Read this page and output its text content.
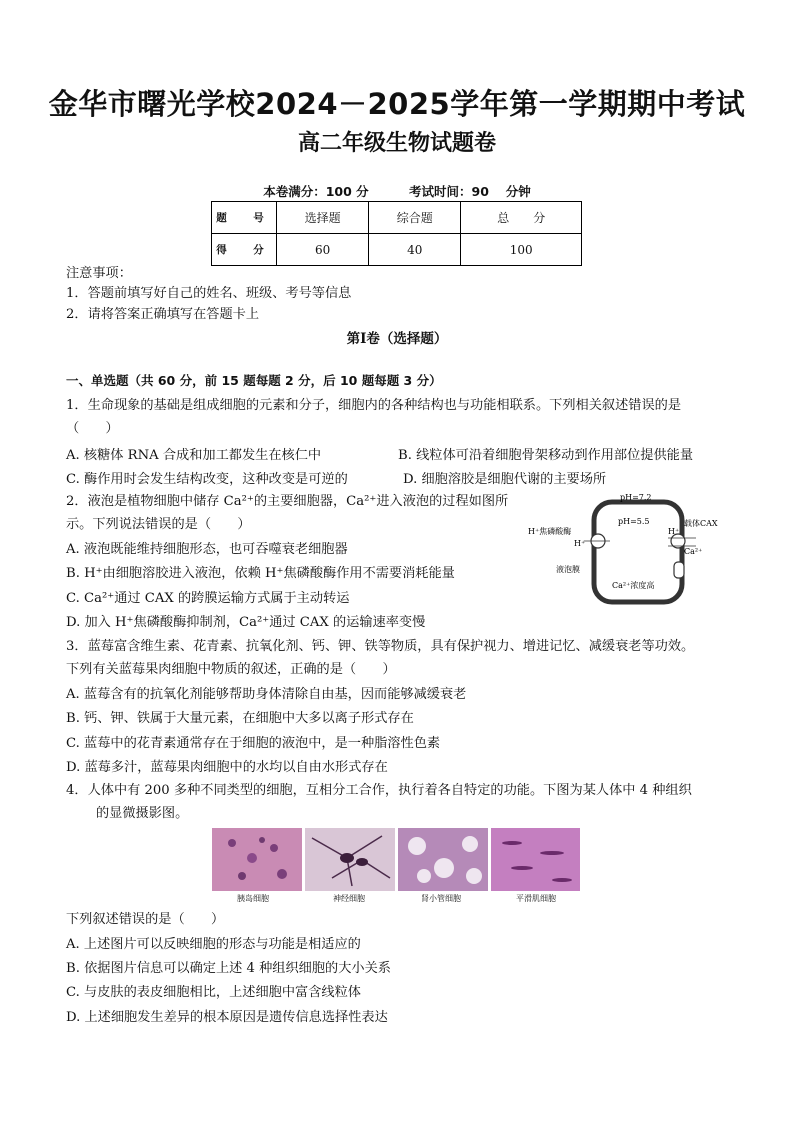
金华市曙光学校2024－2025学年第一学期期中考试
高二年级生物试题卷
本卷满分：100 分	考试时间：90　 分钟
题　号	选择题	综合题	总　　分
得　分	60	40	100
注意事项：
1．答题前填写好自己的姓名、班级、考号等信息
2．请将答案正确填写在答题卡上
第Ⅰ卷（选择题）
一、单选题（共 60 分，前 15 题每题 2 分，后 10 题每题 3 分）
1．生命现象的基础是组成细胞的元素和分子，细胞内的各种结构也与功能相联系。下列相关叙述错误的是
（　　）
A. 核糖体 RNA 合成和加工都发生在核仁中	B. 线粒体可沿着细胞骨架移动到作用部位提供能量
C. 酶作用时会发生结构改变，这种改变是可逆的	D. 细胞溶胶是细胞代谢的主要场所
2．液泡是植物细胞中储存 Ca²⁺的主要细胞器，Ca²⁺进入液泡的过程如图所
示。下列说法错误的是（　　）
A. 液泡既能维持细胞形态，也可吞噬衰老细胞器
B. H⁺由细胞溶胶进入液泡，依赖 H⁺焦磷酸酶作用不需要消耗能量
C. Ca²⁺通过 CAX 的跨膜运输方式属于主动转运
D. 加入 H⁺焦磷酸酶抑制剂，Ca²⁺通过 CAX 的运输速率变慢
pH=7.2
pH=5.5
H⁺焦磷酸酶
载体CAX
H⁺
H⁺
Ca²⁺
液泡膜
Ca²⁺浓度高
3．蓝莓富含维生素、花青素、抗氧化剂、钙、钾、铁等物质，具有保护视力、增进记忆、减缓衰老等功效。
下列有关蓝莓果肉细胞中物质的叙述，正确的是（　　）
A. 蓝莓含有的抗氧化剂能够帮助身体清除自由基，因而能够减缓衰老
B. 钙、钾、铁属于大量元素，在细胞中大多以离子形式存在
C. 蓝莓中的花青素通常存在于细胞的液泡中，是一种脂溶性色素
D. 蓝莓多汁，蓝莓果肉细胞中的水均以自由水形式存在
4．人体中有 200 多种不同类型的细胞，互相分工合作，执行着各自特定的功能。下图为某人体中 4 种组织
的显微摄影图。
胰岛细胞	神经细胞	肾小管细胞	平滑肌细胞
下列叙述错误的是（　　）
A. 上述图片可以反映细胞的形态与功能是相适应的
B. 依据图片信息可以确定上述 4 种组织细胞的大小关系
C. 与皮肤的表皮细胞相比，上述细胞中富含线粒体
D. 上述细胞发生差异的根本原因是遗传信息选择性表达
